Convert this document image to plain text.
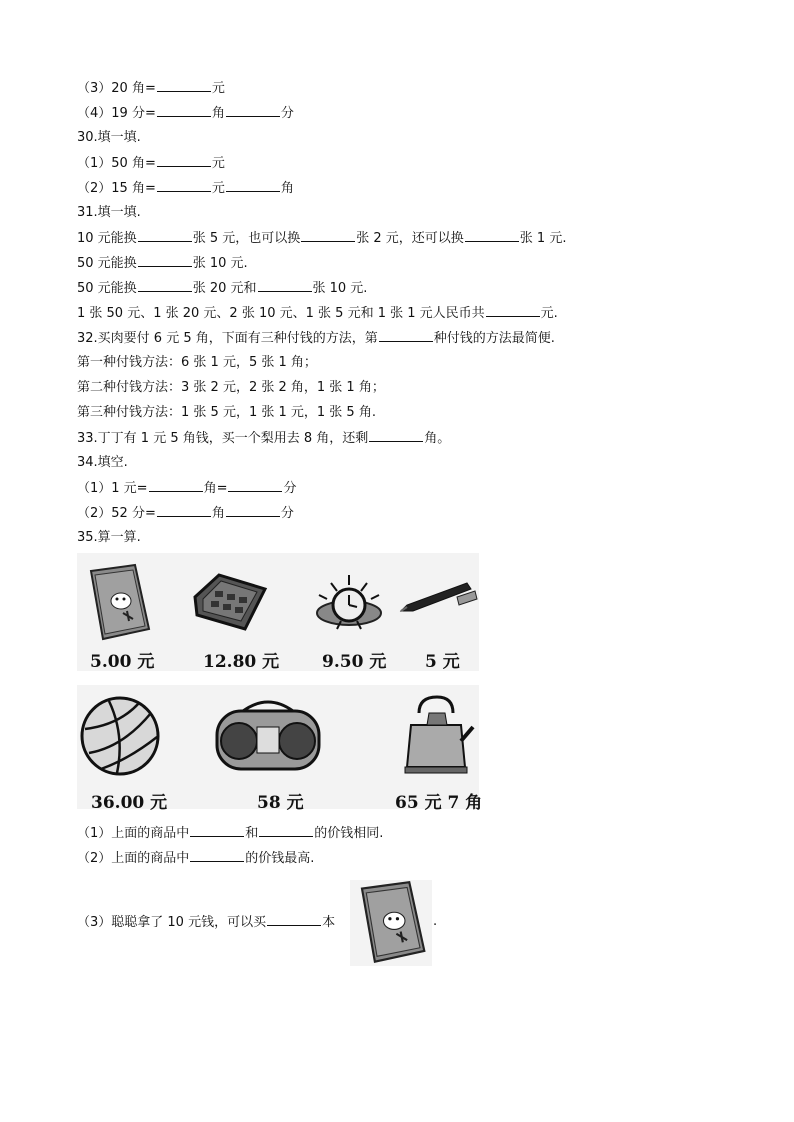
（3）20 角=	元
（4）19 分=	角	分
30.填一填.
（1）50 角=	元
（2）15 角=	元	角
31.填一填.
10 元能换	张 5 元，也可以换	张 2 元，还可以换	张 1 元.
50 元能换	张 10 元.
50 元能换	张 20 元和	张 10 元.
1 张 50 元、1 张 20 元、2 张 10 元、1 张 5 元和 1 张 1 元人民币共	元.
32.买肉要付 6 元 5 角，下面有三种付钱的方法，第	种付钱的方法最简便.
第一种付钱方法：6 张 1 元，5 张 1 角；
第二种付钱方法：3 张 2 元，2 张 2 角，1 张 1 角；
第三种付钱方法：1 张 5 元，1 张 1 元，1 张 5 角.
33.丁丁有 1 元 5 角钱，买一个梨用去 8 角，还剩	角。
34.填空.
（1）1 元=	角=	分
（2）52 分=	角	分
35.算一算.
5.00 元	12.80 元	9.50 元 5 元
36.00 元	58 元	65 元 7 角
（1）上面的商品中	和	的价钱相同.
（2）上面的商品中	的价钱最高.
（3）聪聪拿了 10 元钱，可以买	本	.
